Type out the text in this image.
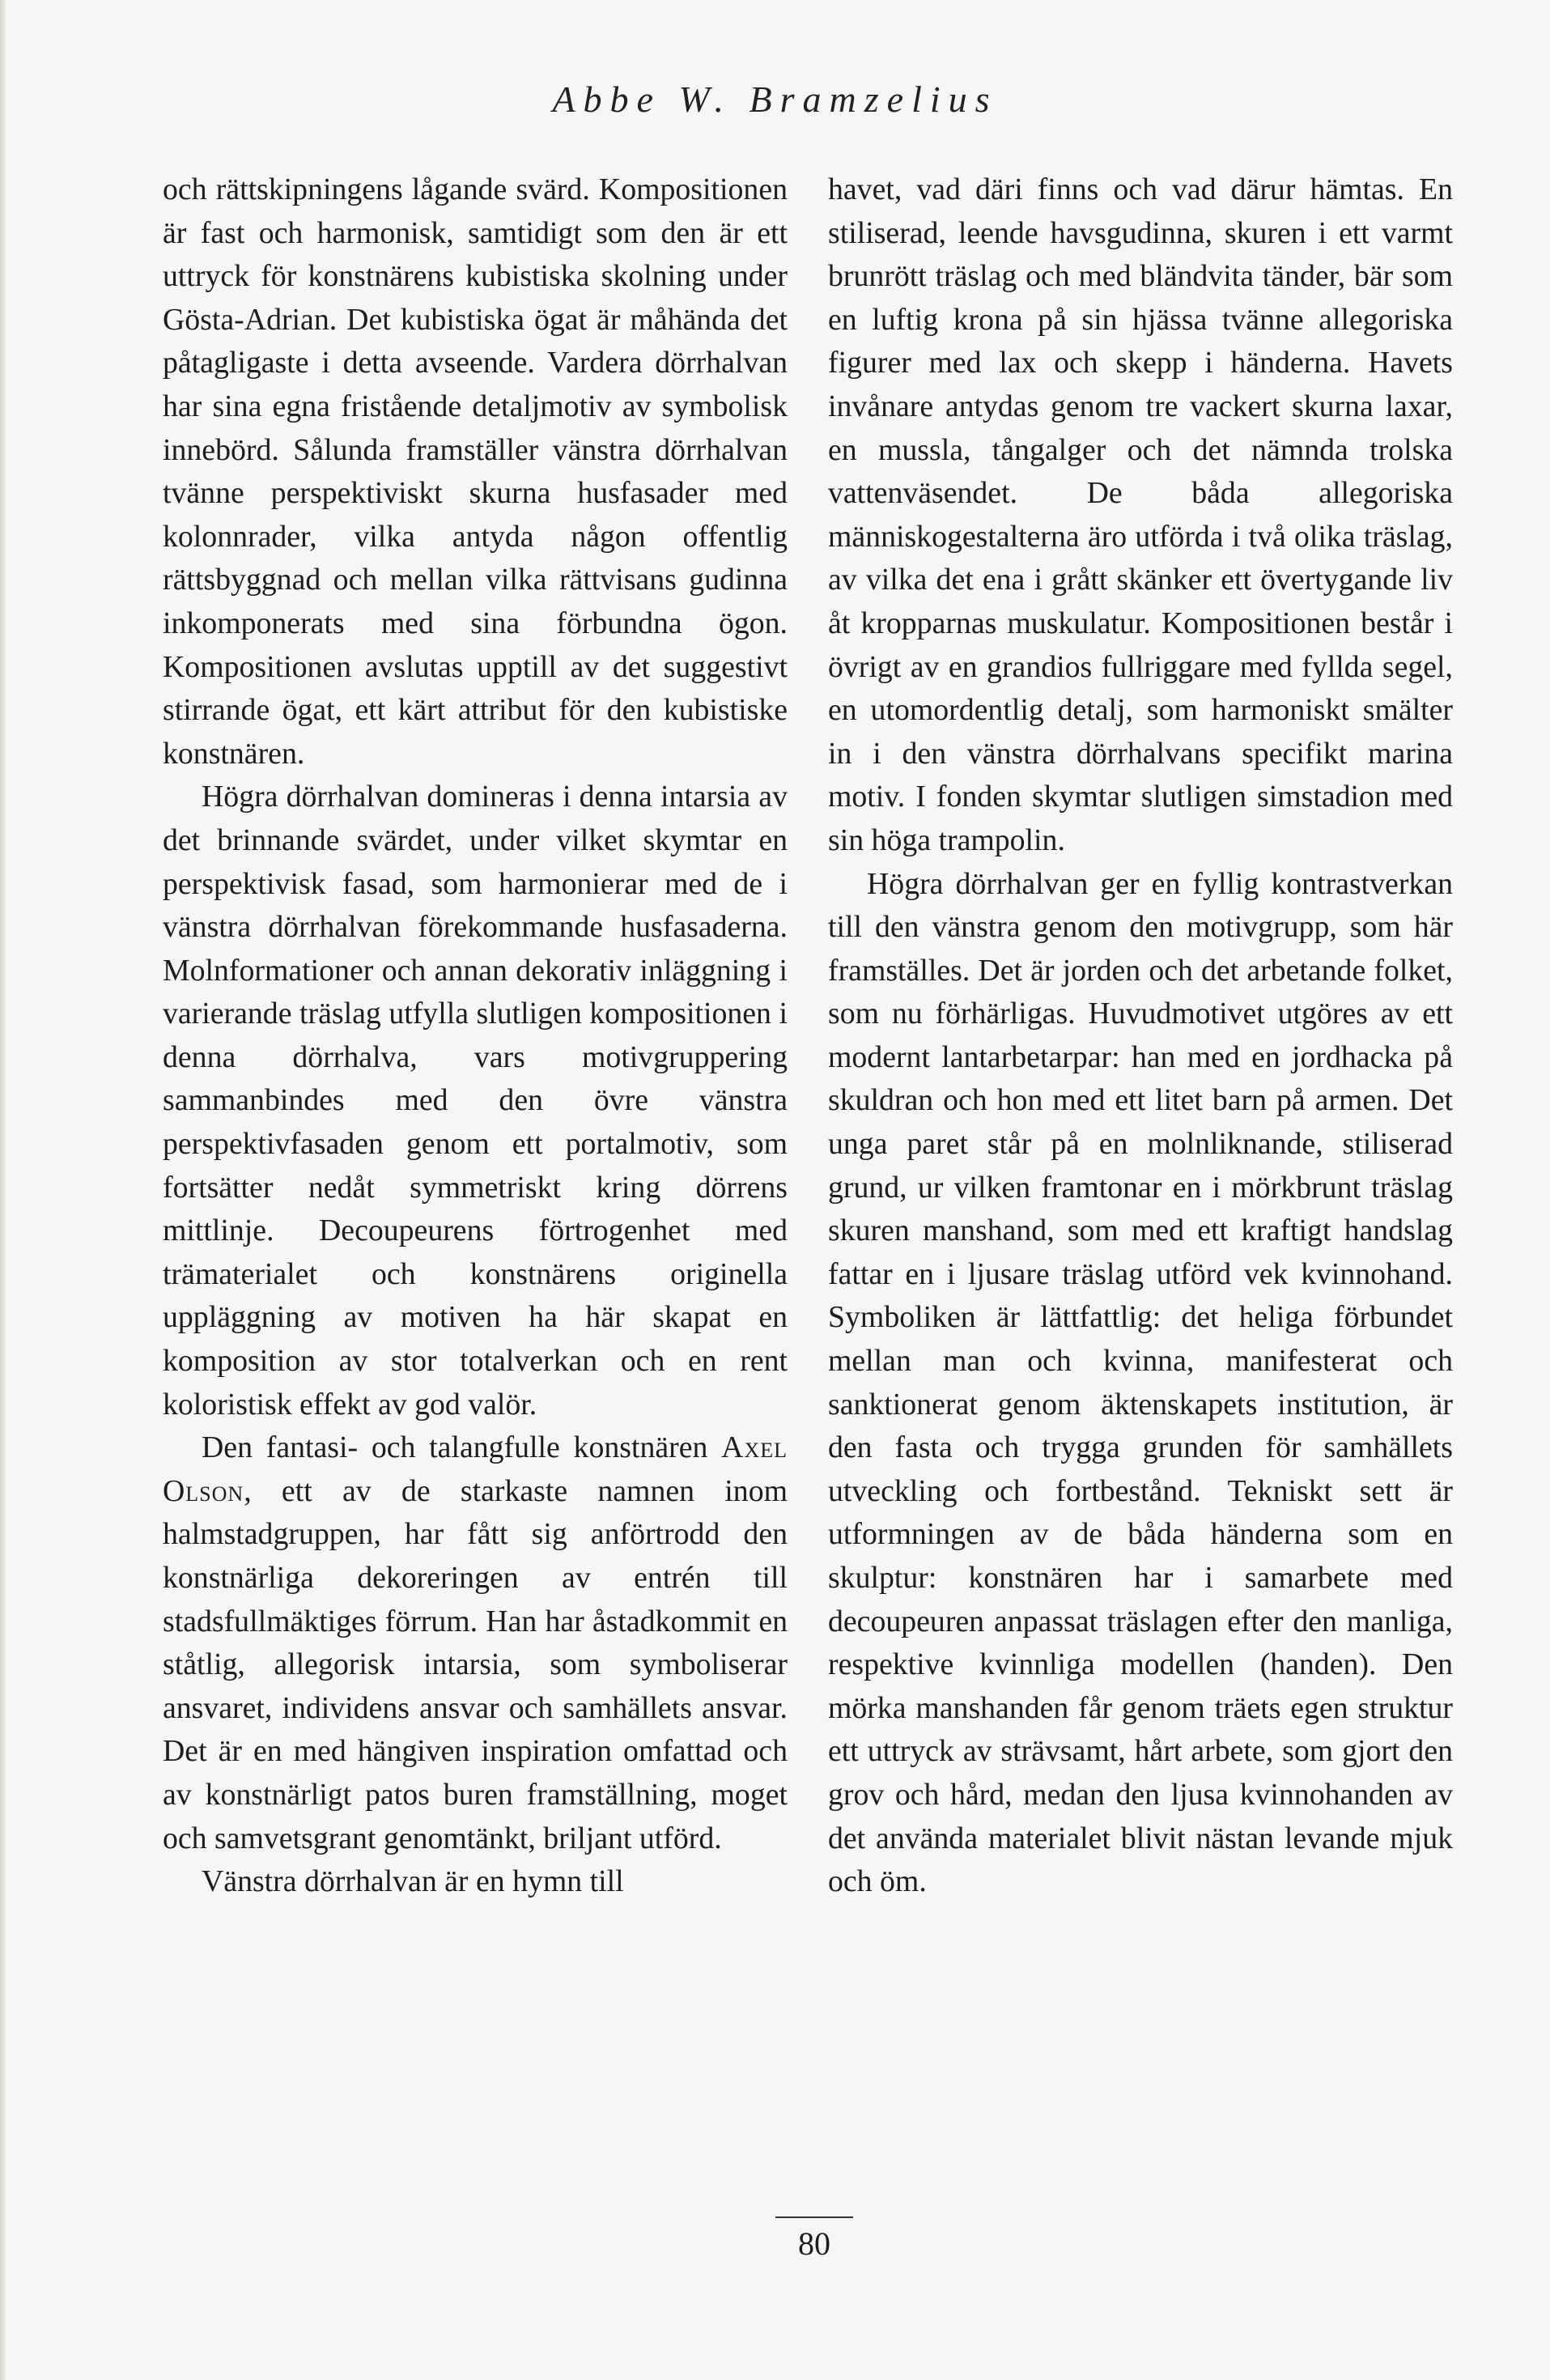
Abbe W. Bramzelius

och rättskipningens lågande svärd. Kompositionen är fast och harmonisk, samtidigt som den är ett uttryck för konstnärens kubistiska skolning under Gösta-Adrian. Det kubistiska ögat är måhända det påtagligaste i detta avseende. Vardera dörrhalvan har sina egna fristående detaljmotiv av symbolisk innebörd. Sålunda framställer vänstra dörrhalvan tvänne perspektiviskt skurna husfasader med kolonnrader, vilka antyda någon offentlig rättsbyggnad och mellan vilka rättvisans gudinna inkomponerats med sina förbundna ögon. Kompositionen avslutas upptill av det suggestivt stirrande ögat, ett kärt attribut för den kubistiske konstnären.

Högra dörrhalvan domineras i denna intarsia av det brinnande svärdet, under vilket skymtar en perspektivisk fasad, som harmonierar med de i vänstra dörrhalvan förekommande husfasaderna. Molnformationer och annan dekorativ inläggning i varierande träslag utfyllа slutligen kompositionen i denna dörrhalva, vars motivgruppering sammanbindes med den övre vänstra perspektivfasaden genom ett portalmotiv, som fortsätter nedåt symmetriskt kring dörrens mittlinje. Decoupeurens förtrogenhet med trämaterialet och konstnärens originella uppläggning av motiven ha här skapat en komposition av stor totalverkan och en rent koloristisk effekt av god valör.

Den fantasi- och talangfulle konstnären Axel Olson, ett av de starkaste namnen inom halmstadgruppen, har fått sig anförtrodd den konstnärliga dekoreringen av entrén till stadsfullmäktiges förrum. Han har åstadkommit en ståtlig, allegorisk intarsia, som symboliserar ansvaret, individens ansvar och samhällets ansvar. Det är en med hängiven inspiration omfattad och av konstnärligt patos buren framställning, moget och samvetsgrant genomtänkt, briljant utförd.

Vänstra dörrhalvan är en hymn till

havet, vad däri finns och vad därur hämtas. En stiliserad, leende havsgudinna, skuren i ett varmt brunrött träslag och med bländvita tänder, bär som en luftig krona på sin hjässa tvänne allegoriska figurer med lax och skepp i händerna. Havets invånare antydas genom tre vackert skurna laxar, en mussla, tångalger och det nämnda trolska vattenväsendet. De båda allegoriska människogestalterna äro utförda i två olika träslag, av vilka det ena i grått skänker ett övertygande liv åt kropparnas muskulatur. Kompositionen består i övrigt av en grandios fullriggare med fyllda segel, en utomordentlig detalj, som harmoniskt smälter in i den vänstra dörrhalvans specifikt marina motiv. I fonden skymtar slutligen simstadion med sin höga trampolin.

Högra dörrhalvan ger en fyllig kontrastverkan till den vänstra genom den motivgrupp, som här framställes. Det är jorden och det arbetande folket, som nu förhärligas. Huvudmotivet utgöres av ett modernt lantarbetarpar: han med en jordhacka på skuldran och hon med ett litet barn på armen. Det unga paret står på en molnliknande, stiliserad grund, ur vilken framtonar en i mörkbrunt träslag skuren manshand, som med ett kraftigt handslag fattar en i ljusare träslag utförd vek kvinnohand. Symboliken är lättfattlig: det heliga förbundet mellan man och kvinna, manifesterat och sanktionerat genom äktenskapets institution, är den fasta och trygga grunden för samhällets utveckling och fortbestånd. Tekniskt sett är utformningen av de båda händerna som en skulptur: konstnären har i samarbete med decoupeuren anpassat träslagen efter den manliga, respektive kvinnliga modellen (handen). Den mörka manshanden får genom träets egen struktur ett uttryck av strävsamt, hårt arbete, som gjort den grov och hård, medan den ljusa kvinnohanden av det använda materialet blivit nästan levande mjuk och öm.

80
